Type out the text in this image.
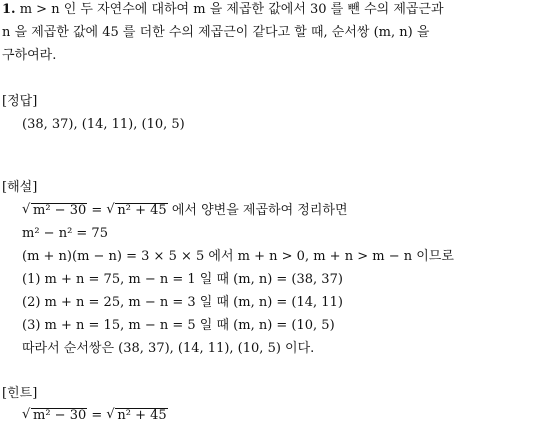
1. m > n 인 두 자연수에 대하여 m 을 제곱한 값에서 30 를 뺀 수의 제곱근과
n 을 제곱한 값에 45 를 더한 수의 제곱근이 같다고 할 때, 순서쌍 (m, n) 을
구하여라.
[정답]
(38, 37), (14, 11), (10, 5)
[해설]
√ m² − 30 = √ n² + 45 에서 양변을 제곱하여 정리하면
m² − n² = 75
(m + n)(m − n) = 3 × 5 × 5 에서 m + n > 0, m + n > m − n 이므로
(1) m + n = 75, m − n = 1 일 때 (m, n) = (38, 37)
(2) m + n = 25, m − n = 3 일 때 (m, n) = (14, 11)
(3) m + n = 15, m − n = 5 일 때 (m, n) = (10, 5)
따라서 순서쌍은 (38, 37), (14, 11), (10, 5) 이다.
[힌트]
√ m² − 30 = √ n² + 45
